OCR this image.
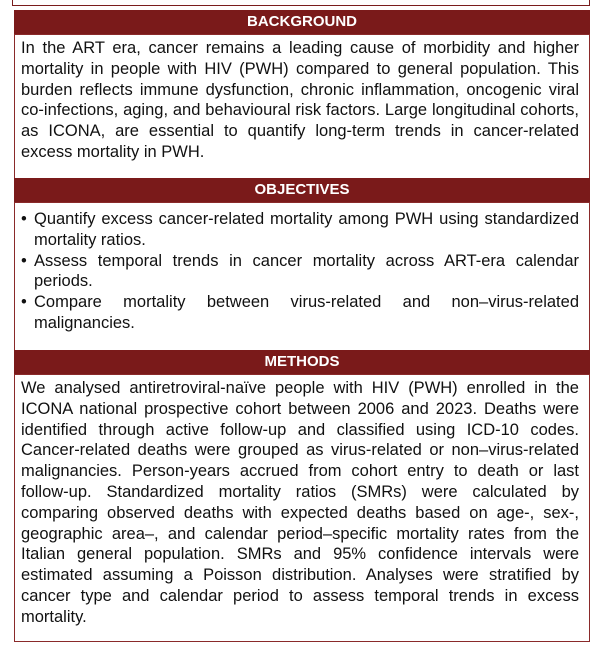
BACKGROUND

In the ART era, cancer remains a leading cause of morbidity and higher mortality in people with HIV (PWH) compared to general population. This burden reflects immune dysfunction, chronic inflammation, oncogenic viral co-infections, aging, and behavioural risk factors. Large longitudinal cohorts, as ICONA, are essential to quantify long-term trends in cancer-related excess mortality in PWH.

OBJECTIVES
• Quantify excess cancer-related mortality among PWH using standardized mortality ratios.
• Assess temporal trends in cancer mortality across ART-era calendar periods.
• Compare mortality between virus-related and non–virus-related malignancies.
METHODS

We analysed antiretroviral-naïve people with HIV (PWH) enrolled in the ICONA national prospective cohort between 2006 and 2023. Deaths were identified through active follow-up and classified using ICD-10 codes. Cancer-related deaths were grouped as virus-related or non–virus-related malignancies. Person-years accrued from cohort entry to death or last follow-up. Standardized mortality ratios (SMRs) were calculated by comparing observed deaths with expected deaths based on age-, sex-, geographic area–, and calendar period–specific mortality rates from the Italian general population. SMRs and 95% confidence intervals were estimated assuming a Poisson distribution. Analyses were stratified by cancer type and calendar period to assess temporal trends in excess mortality.
